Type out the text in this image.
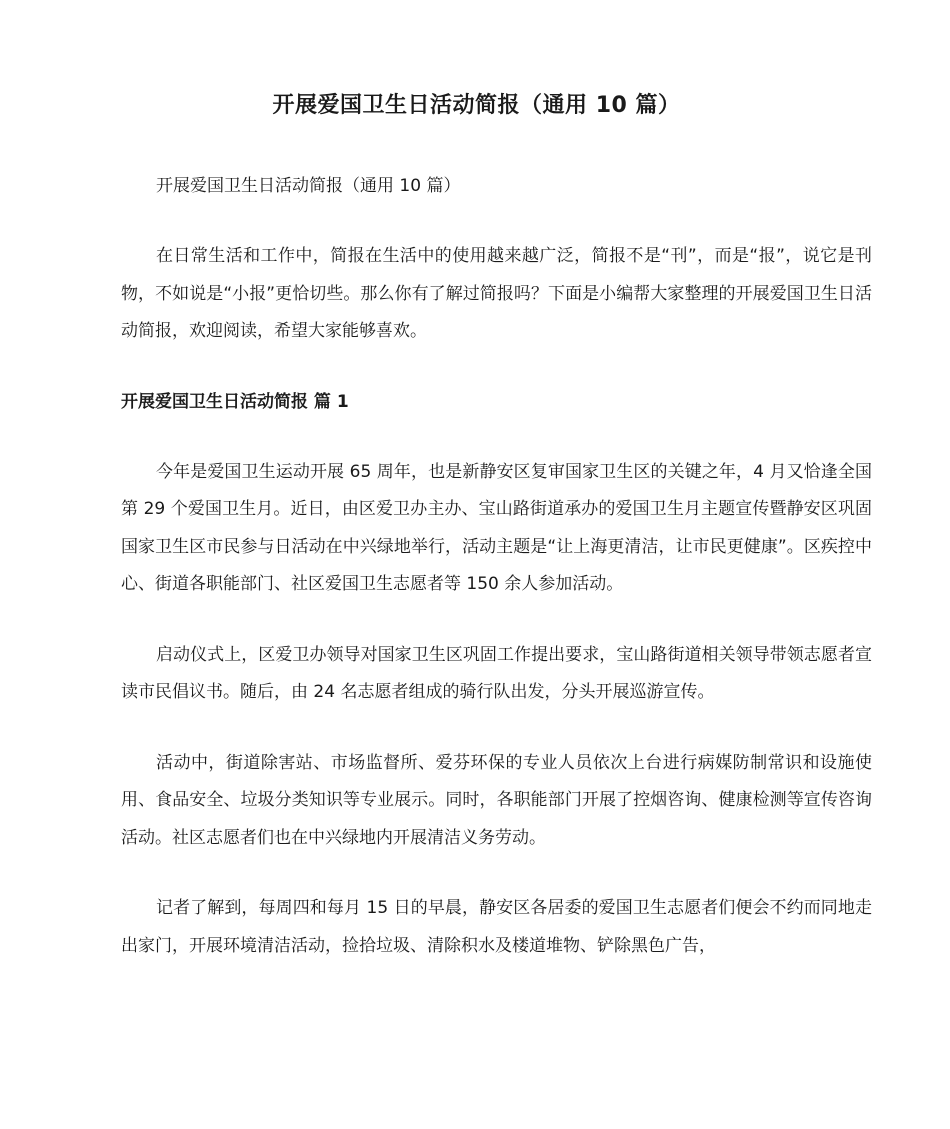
开展爱国卫生日活动简报（通用 10 篇）

开展爱国卫生日活动简报（通用 10 篇）

在日常生活和工作中，简报在生活中的使用越来越广泛，简报不是“刊”，而是“报”，说它是刊物，不如说是“小报”更恰切些。那么你有了解过简报吗？下面是小编帮大家整理的开展爱国卫生日活动简报，欢迎阅读，希望大家能够喜欢。

开展爱国卫生日活动简报 篇 1

今年是爱国卫生运动开展 65 周年，也是新静安区复审国家卫生区的关键之年，4 月又恰逢全国第 29 个爱国卫生月。近日，由区爱卫办主办、宝山路街道承办的爱国卫生月主题宣传暨静安区巩固国家卫生区市民参与日活动在中兴绿地举行，活动主题是“让上海更清洁，让市民更健康”。区疾控中心、街道各职能部门、社区爱国卫生志愿者等 150 余人参加活动。

启动仪式上，区爱卫办领导对国家卫生区巩固工作提出要求，宝山路街道相关领导带领志愿者宣读市民倡议书。随后，由 24 名志愿者组成的骑行队出发，分头开展巡游宣传。

活动中，街道除害站、市场监督所、爱芬环保的专业人员依次上台进行病媒防制常识和设施使用、食品安全、垃圾分类知识等专业展示。同时，各职能部门开展了控烟咨询、健康检测等宣传咨询活动。社区志愿者们也在中兴绿地内开展清洁义务劳动。

记者了解到，每周四和每月 15 日的早晨，静安区各居委的爱国卫生志愿者们便会不约而同地走出家门，开展环境清洁活动，捡拾垃圾、清除积水及楼道堆物、铲除黑色广告，
